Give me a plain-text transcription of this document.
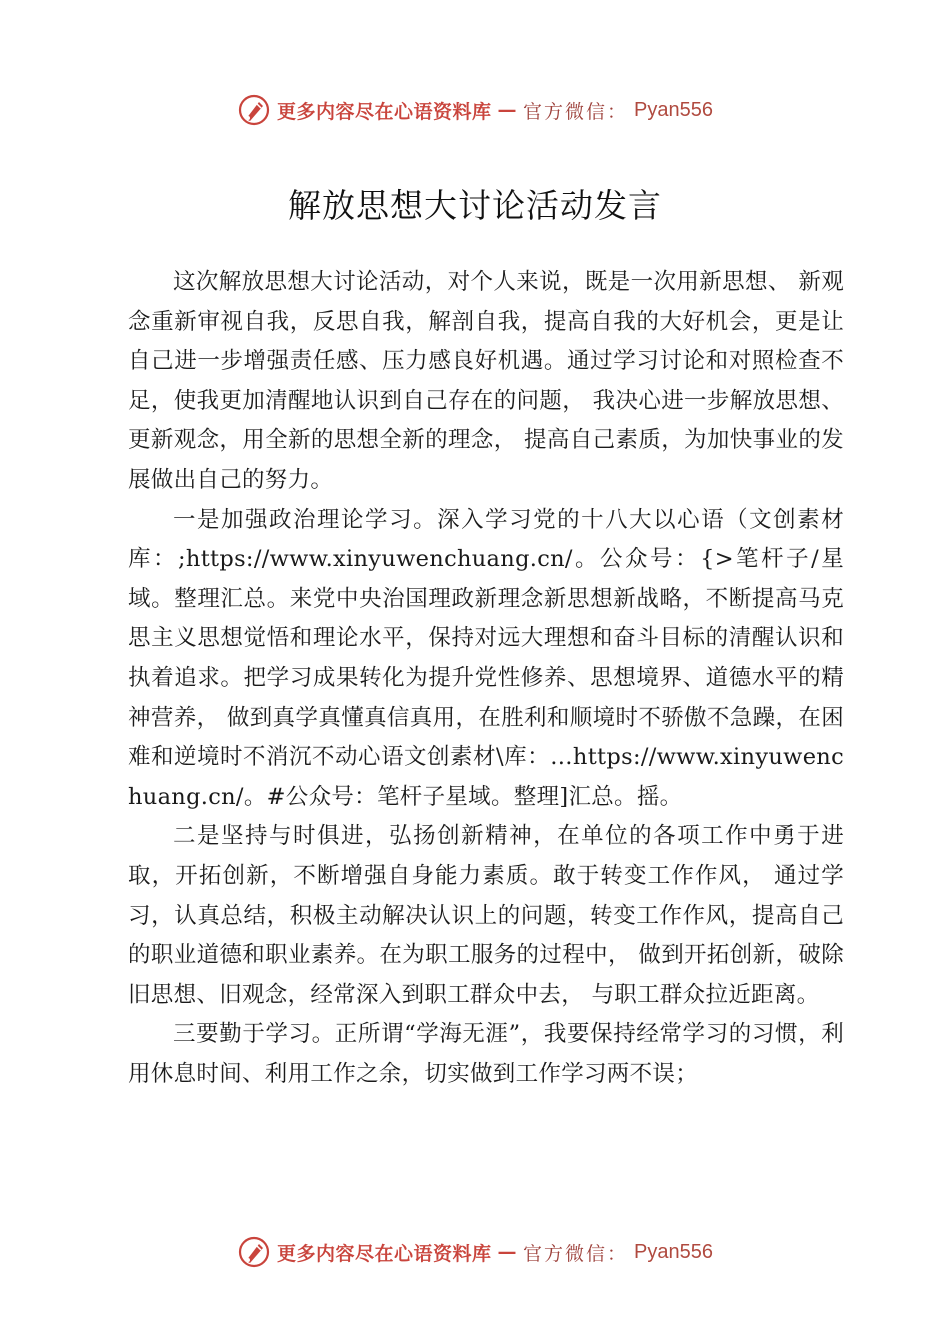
更多内容尽在心语资料库 — 官方微信： Pyan556
解放思想大讨论活动发言

这次解放思想大讨论活动，对个人来说，既是一次用新思想、 新观念重新审视自我，反思自我，解剖自我，提高自我的大好机会，更是让自己进一步增强责任感、压力感良好机遇。通过学习讨论和对照检查不足，使我更加清醒地认识到自己存在的问题， 我决心进一步解放思想、更新观念，用全新的思想全新的理念， 提高自己素质，为加快事业的发展做出自己的努力。

一是加强政治理论学习。深入学习党的十八大以心语（文创素材库：;https://www.xinyuwenchuang.cn/。公众号：{>笔杆子/星域。整理汇总。来党中央治国理政新理念新思想新战略，不断提高马克思主义思想觉悟和理论水平，保持对远大理想和奋斗目标的清醒认识和执着追求。把学习成果转化为提升党性修养、思想境界、道德水平的精神营养， 做到真学真懂真信真用，在胜利和顺境时不骄傲不急躁，在困难和逆境时不消沉不动心语文创素材\库：…https://www.xinyuwenchuang.cn/。#公众号：笔杆子星域。整理]汇总。摇。

二是坚持与时俱进，弘扬创新精神，在单位的各项工作中勇于进取，开拓创新，不断增强自身能力素质。敢于转变工作作风， 通过学习，认真总结，积极主动解决认识上的问题，转变工作作风，提高自己的职业道德和职业素养。在为职工服务的过程中， 做到开拓创新，破除旧思想、旧观念，经常深入到职工群众中去， 与职工群众拉近距离。

三要勤于学习。正所谓“学海无涯”，我要保持经常学习的习惯，利用休息时间、利用工作之余，切实做到工作学习两不误；

更多内容尽在心语资料库 — 官方微信： Pyan556
